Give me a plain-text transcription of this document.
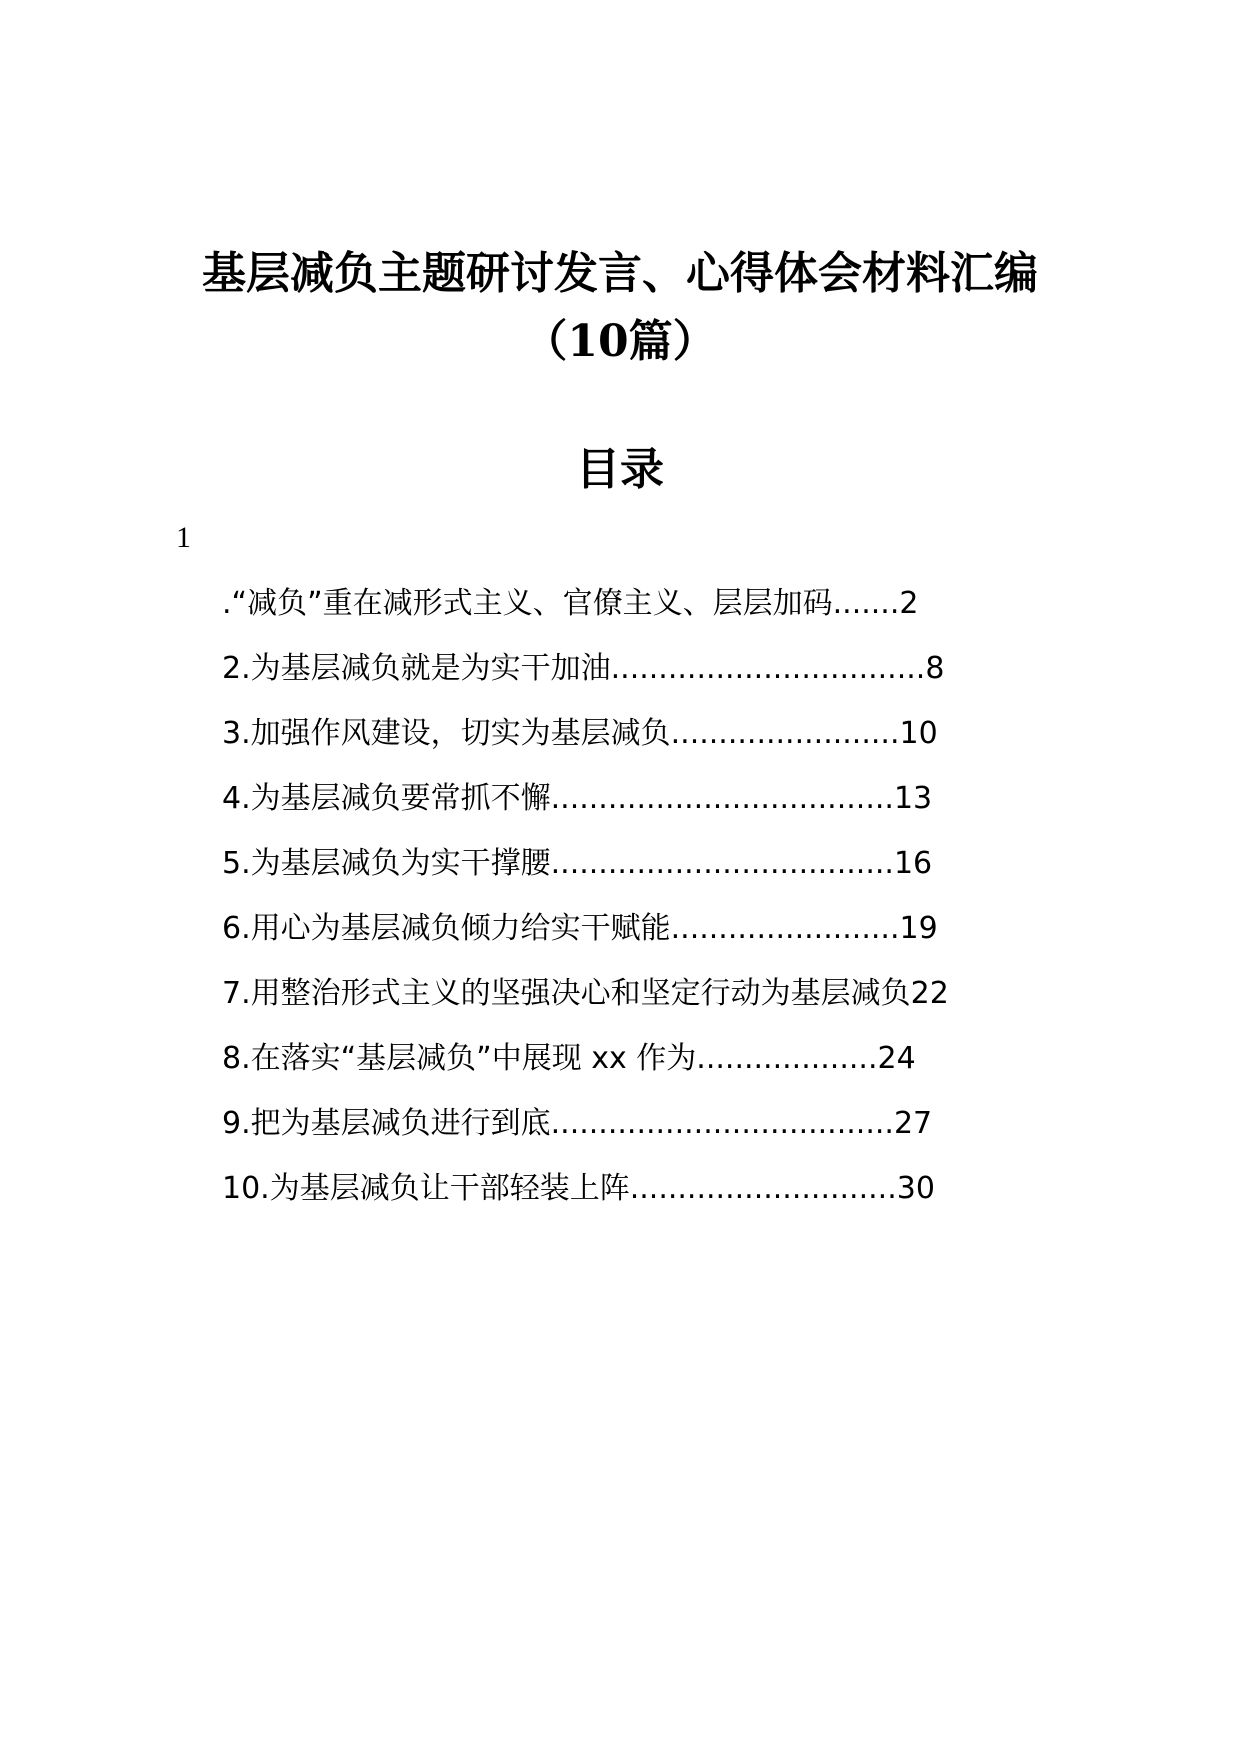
基层减负主题研讨发言、心得体会材料汇编
（10篇）
目录
1
.“减负”重在减形式主义、官僚主义、层层加码.......2
2.为基层减负就是为实干加油.................................8
3.加强作风建设，切实为基层减负........................10
4.为基层减负要常抓不懈....................................13
5.为基层减负为实干撑腰....................................16
6.用心为基层减负倾力给实干赋能........................19
7.用整治形式主义的坚强决心和坚定行动为基层减负22
8.在落实“基层减负”中展现 xx 作为...................24
9.把为基层减负进行到底....................................27
10.为基层减负让干部轻装上阵............................30
